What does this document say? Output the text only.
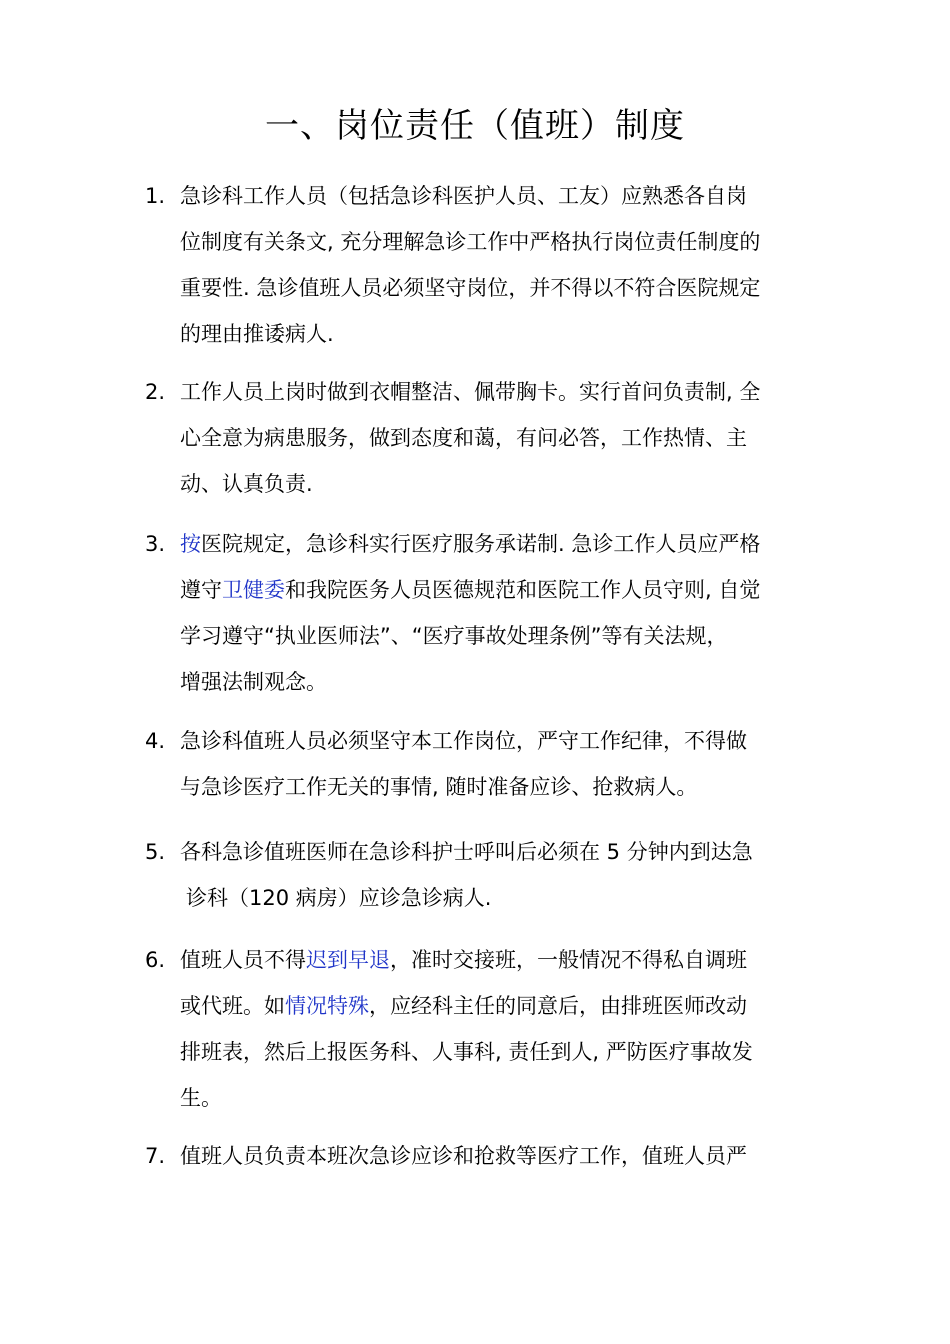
一、岗位责任（值班）制度
1. 急诊科工作人员（包括急诊科医护人员、工友）应熟悉各自岗
位制度有关条文, 充分理解急诊工作中严格执行岗位责任制度的
重要性. 急诊值班人员必须坚守岗位，并不得以不符合医院规定
的理由推诿病人.
2. 工作人员上岗时做到衣帽整洁、佩带胸卡。实行首问负责制, 全
心全意为病患服务，做到态度和蔼，有问必答，工作热情、主
动、认真负责.
3. 按医院规定，急诊科实行医疗服务承诺制. 急诊工作人员应严格
遵守卫健委和我院医务人员医德规范和医院工作人员守则, 自觉
学习遵守“执业医师法”、“医疗事故处理条例”等有关法规，
增强法制观念。
4. 急诊科值班人员必须坚守本工作岗位，严守工作纪律，不得做
与急诊医疗工作无关的事情, 随时准备应诊、抢救病人。
5. 各科急诊值班医师在急诊科护士呼叫后必须在 5 分钟内到达急
诊科（120 病房）应诊急诊病人.
6. 值班人员不得迟到早退，准时交接班，一般情况不得私自调班
或代班。如情况特殊，应经科主任的同意后，由排班医师改动
排班表，然后上报医务科、人事科, 责任到人, 严防医疗事故发
生。
7. 值班人员负责本班次急诊应诊和抢救等医疗工作，值班人员严
